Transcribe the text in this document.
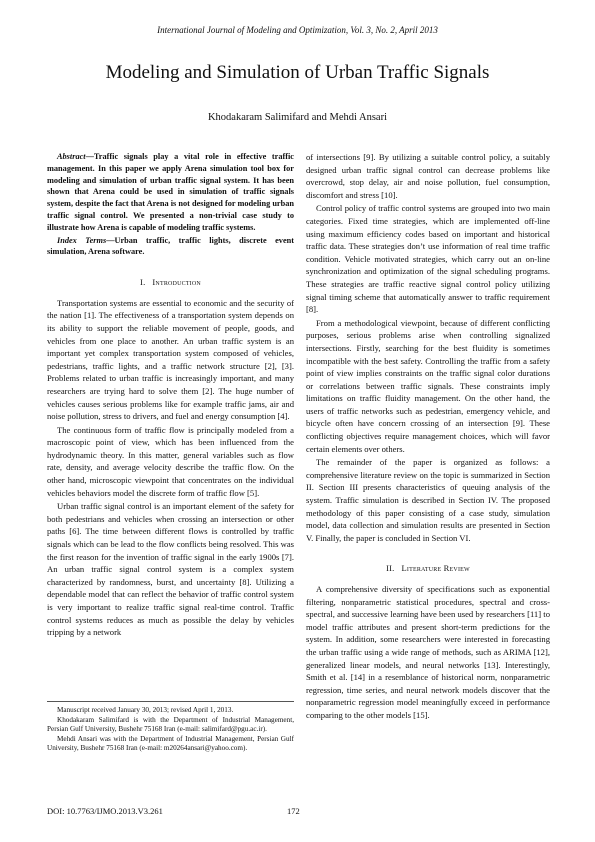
International Journal of Modeling and Optimization, Vol. 3, No. 2, April 2013
Modeling and Simulation of Urban Traffic Signals
Khodakaram Salimifard and Mehdi Ansari

Abstract—Traffic signals play a vital role in effective traffic management. In this paper we apply Arena simulation tool box for modeling and simulation of urban traffic signal system. It has been shown that Arena could be used in simulation of traffic signals system, despite the fact that Arena is not designed for modeling urban traffic signal control. We presented a non-trivial case study to illustrate how Arena is capable of modeling traffic systems.

Index Terms—Urban traffic, traffic lights, discrete event simulation, Arena software.

I. Introduction

Transportation systems are essential to economic and the security of the nation [1]. The effectiveness of a transportation system depends on its ability to support the reliable movement of people, goods, and vehicles from one place to another. An urban traffic system is an important yet complex transportation system composed of vehicles, pedestrians, traffic lights, and a traffic network structure [2], [3]. Problems related to urban traffic is increasingly important, and many researchers are trying hard to solve them [2]. The huge number of vehicles causes serious problems like for example traffic jams, air and noise pollution, stress to drivers, and fuel and energy consumption [4].

The continuous form of traffic flow is principally modeled from a macroscopic point of view, which has been influenced from the hydrodynamic theory. In this matter, general variables such as flow rate, density, and average velocity describe the traffic flow. On the other hand, microscopic viewpoint that concentrates on the individual vehicles behaviors model the discrete form of traffic flow [5].

Urban traffic signal control is an important element of the safety for both pedestrians and vehicles when crossing an intersection or other paths [6]. The time between different flows is controlled by traffic signals which can be lead to the flow conflicts being resolved. This was the first reason for the invention of traffic signal in the early 1900s [7]. An urban traffic signal control system is a complex system characterized by randomness, burst, and uncertainty [8]. Utilizing a dependable model that can reflect the behavior of traffic control system is very important to realize traffic signal real-time control. Traffic control systems reduces as much as possible the delay by vehicles tripping by a network

Manuscript received January 30, 2013; revised April 1, 2013.

Khodakaram Salimifard is with the Department of Industrial Management, Persian Gulf University, Bushehr 75168 Iran (e-mail: salimifard@pgu.ac.ir).

Mehdi Ansari was with the Department of Industrial Management, Persian Gulf University, Bushehr 75168 Iran (e-mail: m20264ansari@yahoo.com).

of intersections [9]. By utilizing a suitable control policy, a suitably designed urban traffic signal control can decrease problems like overcrowd, stop delay, air and noise pollution, fuel consumption, discomfort and stress [10].

Control policy of traffic control systems are grouped into two main categories. Fixed time strategies, which are implemented off-line using maximum efficiency codes based on important and historical traffic data. These strategies don’t use information of real time traffic condition. Vehicle motivated strategies, which carry out an on-line synchronization and optimization of the signal scheduling programs. These strategies are traffic reactive signal control policy utilizing signal timing scheme that automatically answer to traffic requirement [8].

From a methodological viewpoint, because of different conflicting purposes, serious problems arise when controlling signalized intersections. Firstly, searching for the best fluidity is sometimes incompatible with the best safety. Controlling the traffic from a safety point of view implies constraints on the traffic signal color durations or correlations between traffic signals. These constraints imply limitations on traffic fluidity management. On the other hand, the users of traffic networks such as pedestrian, emergency vehicle, and bicycle often have concern crossing of an intersection [9]. These conflicting objectives require management choices, which will favor certain elements over others.

The remainder of the paper is organized as follows: a comprehensive literature review on the topic is summarized in Section II. Section III presents characteristics of queuing analysis of the system. Traffic simulation is described in Section IV. The proposed methodology of this paper consisting of a case study, simulation model, data collection and simulation results are presented in Section V. Finally, the paper is concluded in Section VI.

II. Literature Review

A comprehensive diversity of specifications such as exponential filtering, nonparametric statistical procedures, spectral and cross-spectral, and successive learning have been used by researchers [11] to model traffic attributes and present short-term predictions for the system. In addition, some researchers were interested in forecasting the urban traffic using a wide range of methods, such as ARIMA [12], generalized linear models, and neural networks [13]. Interestingly, Smith et al. [14] in a resemblance of historical norm, nonparametric regression, time series, and neural network models discover that the nonparametric regression model meaningfully exceed in performance comparing to the other models [15].

DOI: 10.7763/IJMO.2013.V3.261	172
